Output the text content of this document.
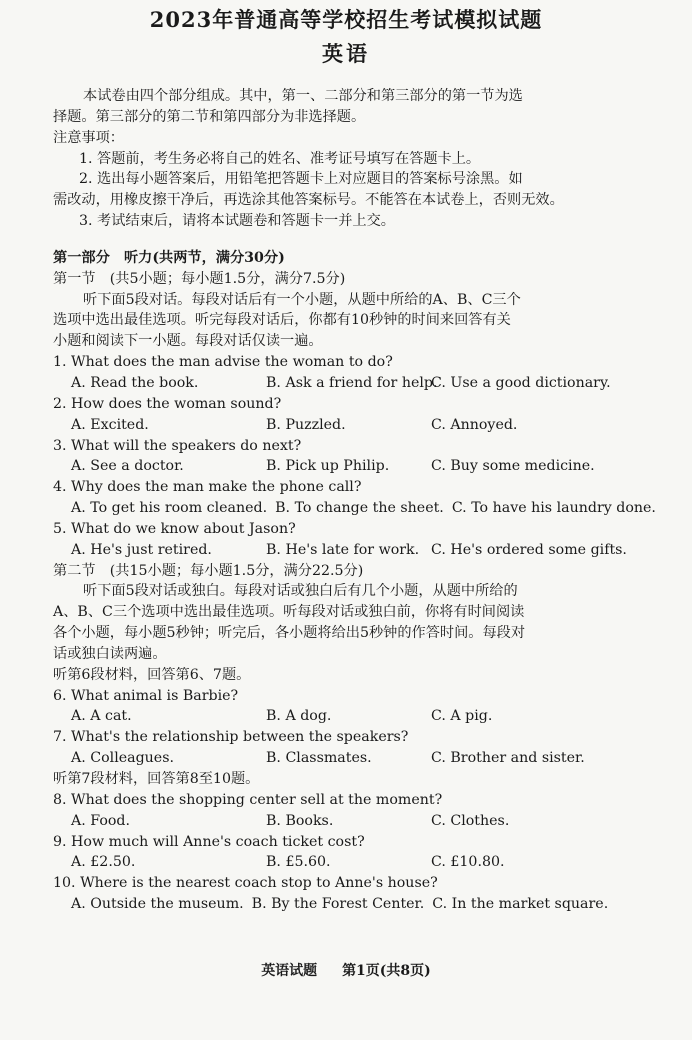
2023年普通高等学校招生考试模拟试题
英语
本试卷由四个部分组成。其中，第一、二部分和第三部分的第一节为选
择题。第三部分的第二节和第四部分为非选择题。
注意事项：
1. 答题前，考生务必将自己的姓名、准考证号填写在答题卡上。
2. 选出每小题答案后，用铅笔把答题卡上对应题目的答案标号涂黑。如
需改动，用橡皮擦干净后，再选涂其他答案标号。不能答在本试卷上，否则无效。
3. 考试结束后，请将本试题卷和答题卡一并上交。
第一部分　听力(共两节，满分30分)
第一节　(共5小题；每小题1.5分，满分7.5分)
听下面5段对话。每段对话后有一个小题，从题中所给的A、B、C三个
选项中选出最佳选项。听完每段对话后，你都有10秒钟的时间来回答有关
小题和阅读下一小题。每段对话仅读一遍。
1. What does the man advise the woman to do?
A. Read the book.	B. Ask a friend for help.
C. Use a good dictionary.
2. How does the woman sound?
A. Excited.	B. Puzzled.	C. Annoyed.
3. What will the speakers do next?
A. See a doctor.	B. Pick up Philip.	C. Buy some medicine.
4. Why does the man make the phone call?
A. To get his room cleaned. B. To change the sheet. C. To have his laundry done.
5. What do we know about Jason?
A. He's just retired.	B. He's late for work. C. He's ordered some gifts.
第二节　(共15小题；每小题1.5分，满分22.5分)
听下面5段对话或独白。每段对话或独白后有几个小题，从题中所给的
A、B、C三个选项中选出最佳选项。听每段对话或独白前，你将有时间阅读
各个小题，每小题5秒钟；听完后，各小题将给出5秒钟的作答时间。每段对
话或独白读两遍。
听第6段材料，回答第6、7题。
6. What animal is Barbie?
A. A cat.	B. A dog.	C. A pig.
7. What's the relationship between the speakers?
A. Colleagues.	B. Classmates.	C. Brother and sister.
听第7段材料，回答第8至10题。
8. What does the shopping center sell at the moment?
A. Food.	B. Books.	C. Clothes.
9. How much will Anne's coach ticket cost?
A. £2.50.	B. £5.60.	C. £10.80.
10. Where is the nearest coach stop to Anne's house?
A. Outside the museum. B. By the Forest Center. C. In the market square.
英语试题 第1页(共8页)
